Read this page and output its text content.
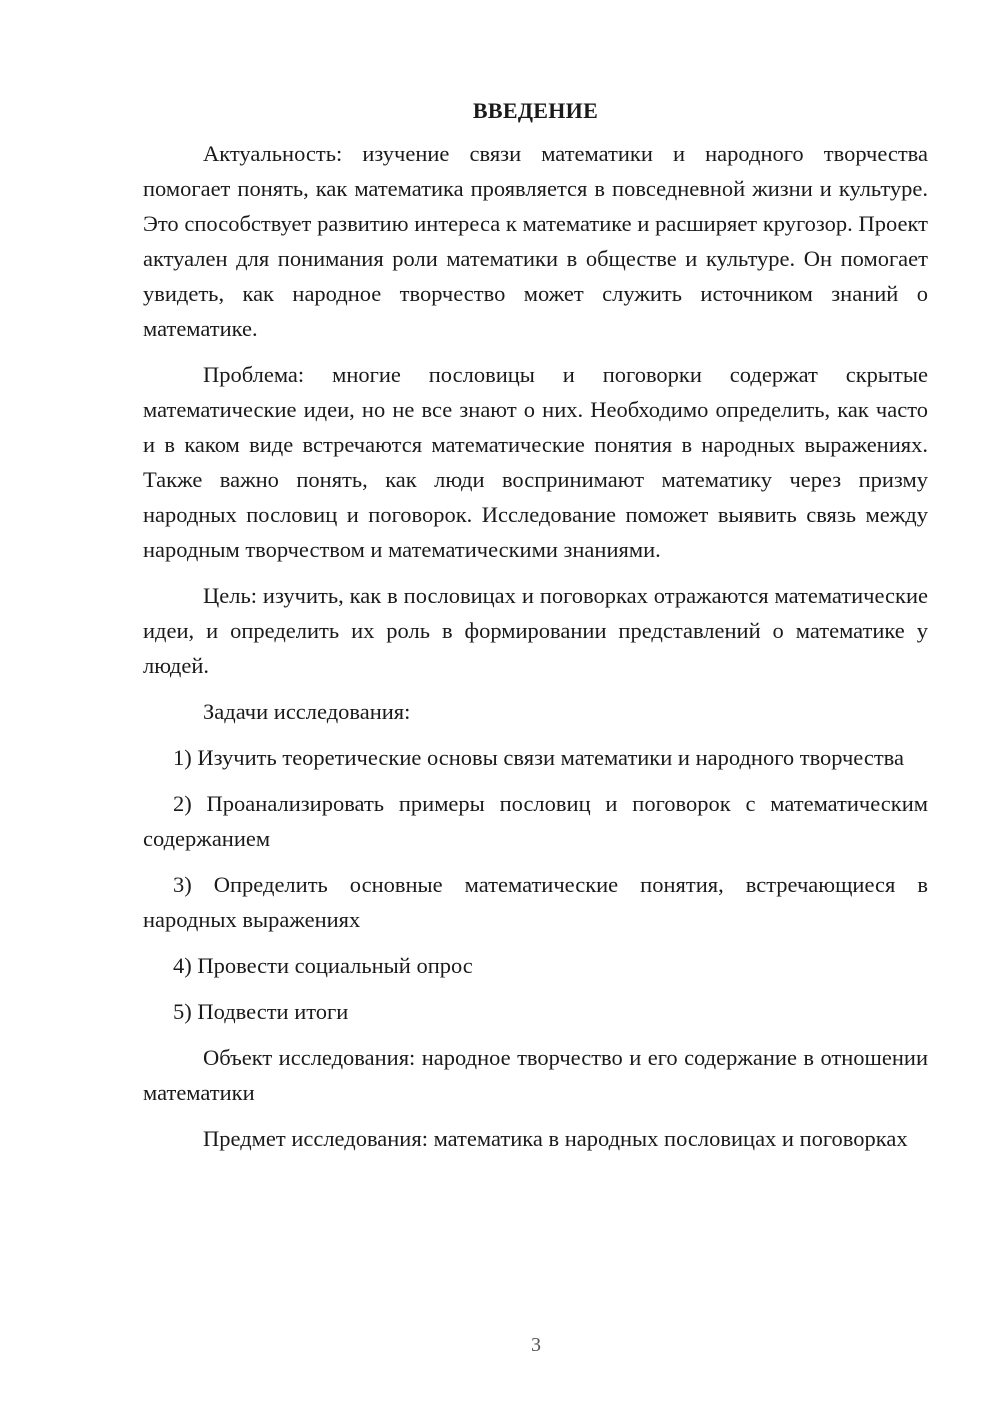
ВВЕДЕНИЕ

Актуальность: изучение связи математики и народного творчества помогает понять, как математика проявляется в повседневной жизни и культуре. Это способствует развитию интереса к математике и расширяет кругозор. Проект актуален для понимания роли математики в обществе и культуре. Он помогает увидеть, как народное творчество может служить источником знаний о математике.

Проблема: многие пословицы и поговорки содержат скрытые математические идеи, но не все знают о них. Необходимо определить, как часто и в каком виде встречаются математические понятия в народных выражениях. Также важно понять, как люди воспринимают математику через призму народных пословиц и поговорок. Исследование поможет выявить связь между народным творчеством и математическими знаниями.

Цель: изучить, как в пословицах и поговорках отражаются математические идеи, и определить их роль в формировании представлений о математике у людей.

Задачи исследования:

1) Изучить теоретические основы связи математики и народного творчества

2) Проанализировать примеры пословиц и поговорок с математическим содержанием

3) Определить основные математические понятия, встречающиеся в народных выражениях

4) Провести социальный опрос

5) Подвести итоги

Объект исследования: народное творчество и его содержание в отношении математики

Предмет исследования: математика в народных пословицах и поговорках

3
